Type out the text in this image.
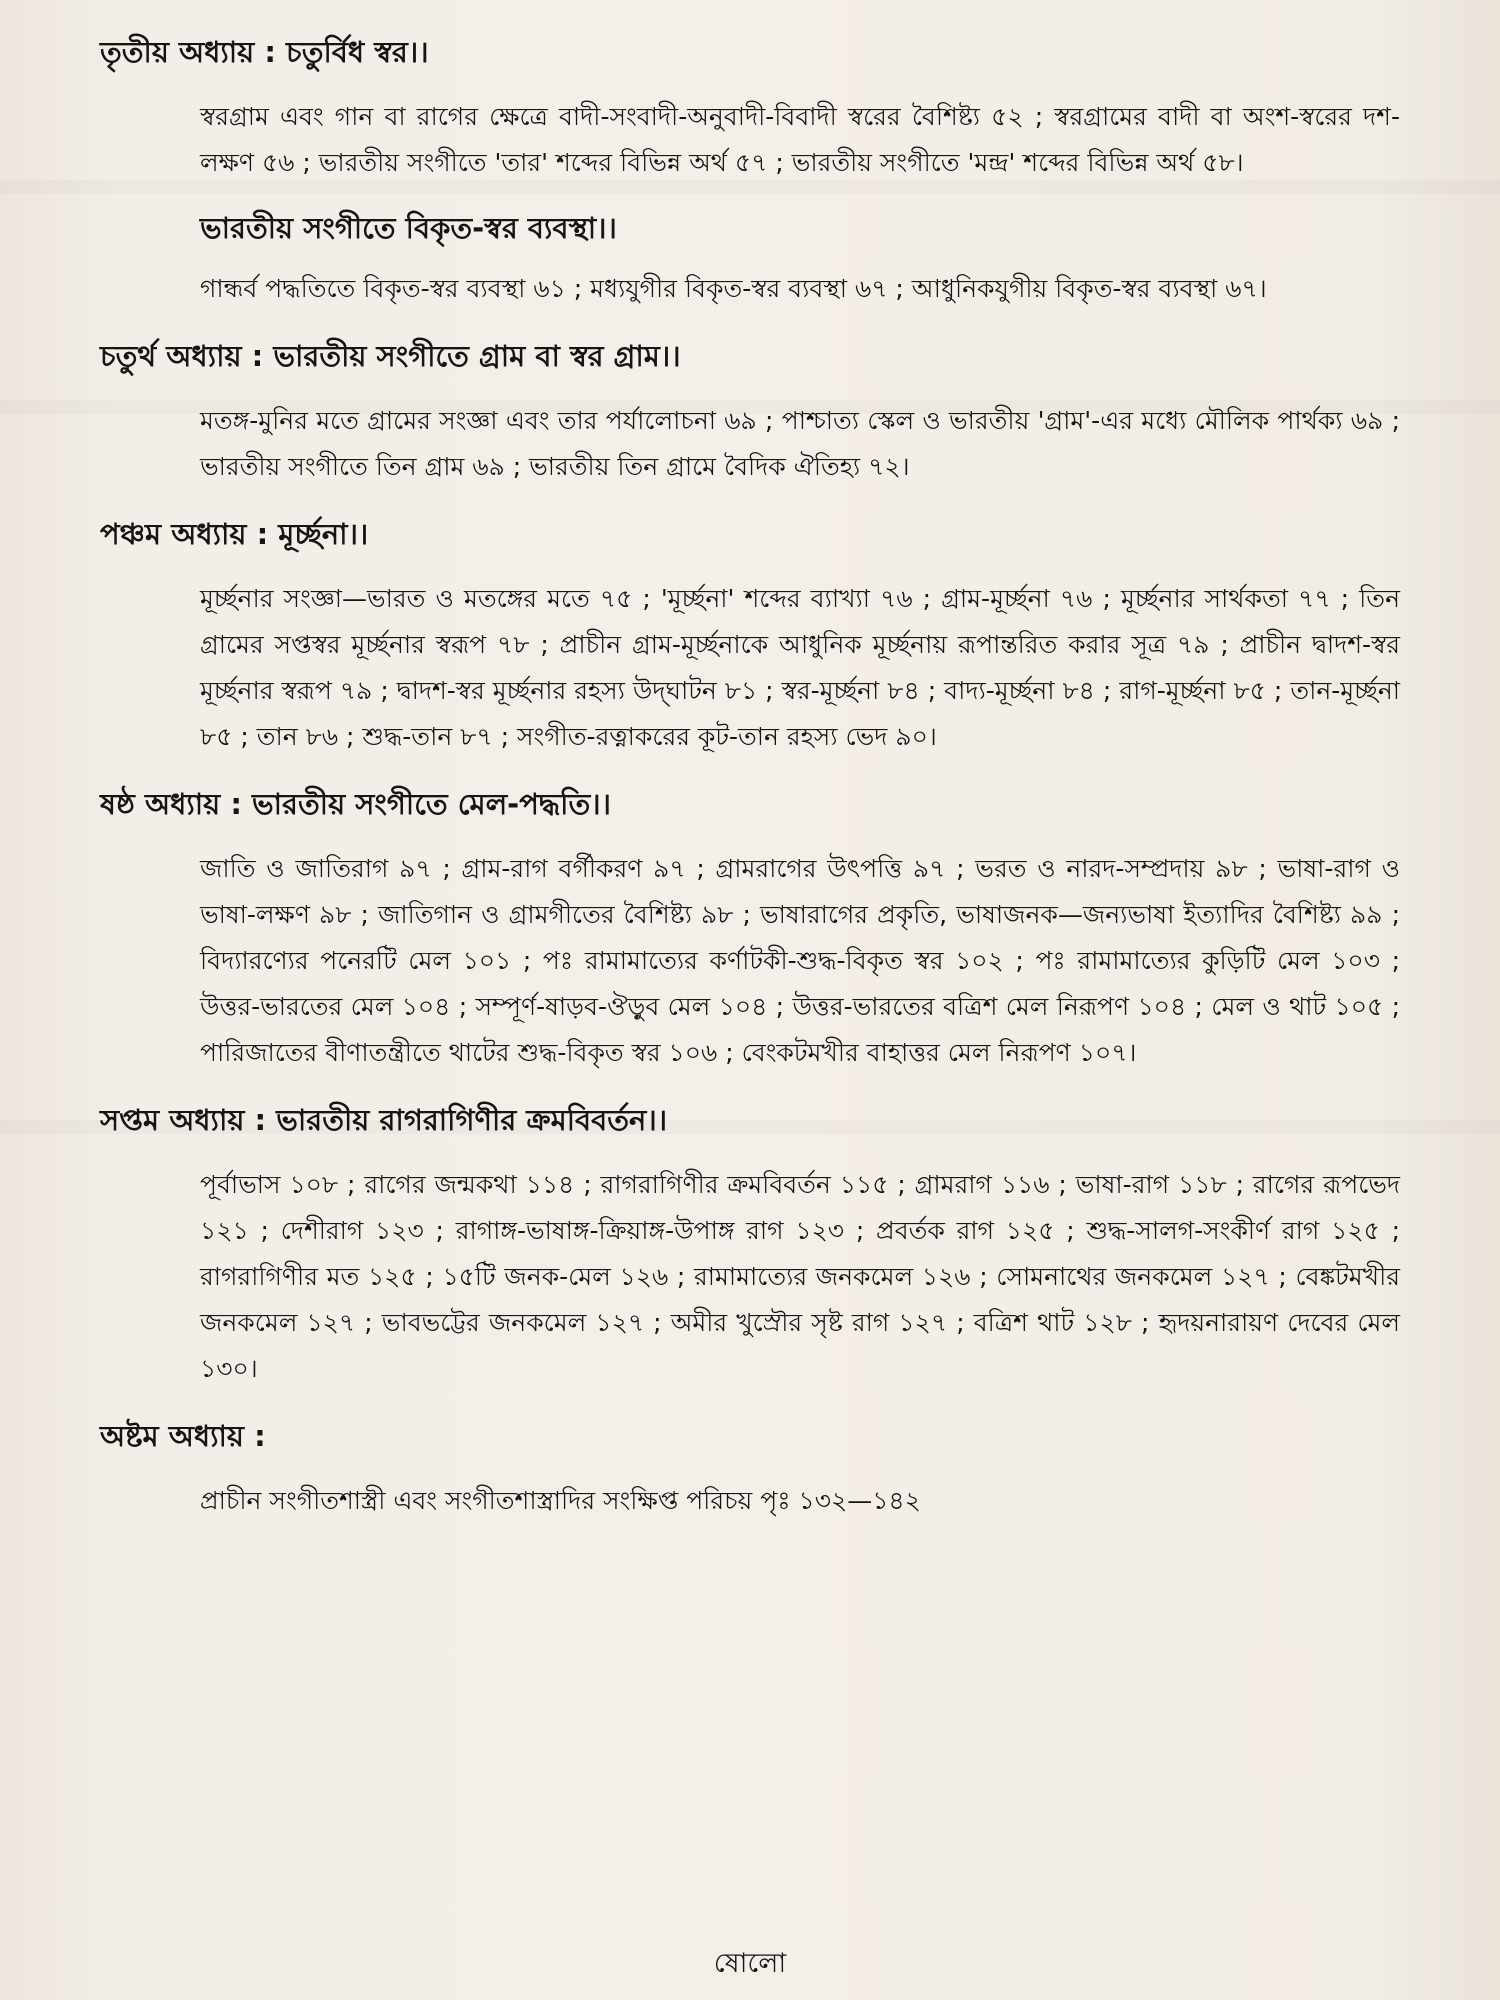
তৃতীয় অধ্যায় : চতুর্বিধ স্বর।।

স্বরগ্রাম এবং গান বা রাগের ক্ষেত্রে বাদী-সংবাদী-অনুবাদী-বিবাদী স্বরের বৈশিষ্ট্য ৫২ ; স্বরগ্রামের বাদী বা অংশ-স্বরের দশ-লক্ষণ ৫৬ ; ভারতীয় সংগীতে 'তার' শব্দের বিভিন্ন অর্থ ৫৭ ; ভারতীয় সংগীতে 'মন্দ্র' শব্দের বিভিন্ন অর্থ ৫৮।

ভারতীয় সংগীতে বিকৃত-স্বর ব্যবস্থা।।

গান্ধর্ব পদ্ধতিতে বিকৃত-স্বর ব্যবস্থা ৬১ ; মধ্যযুগীর বিকৃত-স্বর ব্যবস্থা ৬৭ ; আধুনিকযুগীয় বিকৃত-স্বর ব্যবস্থা ৬৭।

চতুর্থ অধ্যায় : ভারতীয় সংগীতে গ্রাম বা স্বর গ্রাম।।

মতঙ্গ-মুনির মতে গ্রামের সংজ্ঞা এবং তার পর্যালোচনা ৬৯ ; পাশ্চাত্য স্কেল ও ভারতীয় 'গ্রাম'-এর মধ্যে মৌলিক পার্থক্য ৬৯ ; ভারতীয় সংগীতে তিন গ্রাম ৬৯ ; ভারতীয় তিন গ্রামে বৈদিক ঐতিহ্য ৭২।

পঞ্চম অধ্যায় : মূর্চ্ছনা।।

মূর্চ্ছনার সংজ্ঞা—ভারত ও মতঙ্গের মতে ৭৫ ; 'মূর্চ্ছনা' শব্দের ব্যাখ্যা ৭৬ ; গ্রাম-মূর্চ্ছনা ৭৬ ; মূর্চ্ছনার সার্থকতা ৭৭ ; তিন গ্রামের সপ্তস্বর মূর্চ্ছনার স্বরূপ ৭৮ ; প্রাচীন গ্রাম-মূর্চ্ছনাকে আধুনিক মূর্চ্ছনায় রূপান্তরিত করার সূত্র ৭৯ ; প্রাচীন দ্বাদশ-স্বর মূর্চ্ছনার স্বরূপ ৭৯ ; দ্বাদশ-স্বর মূর্চ্ছনার রহস্য উদ্‌ঘাটন ৮১ ; স্বর-মূর্চ্ছনা ৮৪ ; বাদ্য-মূর্চ্ছনা ৮৪ ; রাগ-মূর্চ্ছনা ৮৫ ; তান-মূর্চ্ছনা ৮৫ ; তান ৮৬ ; শুদ্ধ-তান ৮৭ ; সংগীত-রত্নাকরের কূট-তান রহস্য ভেদ ৯০।

ষষ্ঠ অধ্যায় : ভারতীয় সংগীতে মেল-পদ্ধতি।।

জাতি ও জাতিরাগ ৯৭ ; গ্রাম-রাগ বর্গীকরণ ৯৭ ; গ্রামরাগের উৎপত্তি ৯৭ ; ভরত ও নারদ-সম্প্রদায় ৯৮ ; ভাষা-রাগ ও ভাষা-লক্ষণ ৯৮ ; জাতিগান ও গ্রামগীতের বৈশিষ্ট্য ৯৮ ; ভাষারাগের প্রকৃতি, ভাষাজনক—জন্যভাষা ইত্যাদির বৈশিষ্ট্য ৯৯ ; বিদ্যারণ্যের পনেরটি মেল ১০১ ; পঃ রামামাত্যের কর্ণাটকী-শুদ্ধ-বিকৃত স্বর ১০২ ; পঃ রামামাত্যের কুড়িটি মেল ১০৩ ; উত্তর-ভারতের মেল ১০৪ ; সম্পূর্ণ-ষাড়ব-ঔড়ুব মেল ১০৪ ; উত্তর-ভারতের বত্রিশ মেল নিরূপণ ১০৪ ; মেল ও থাট ১০৫ ; পারিজাতের বীণাতন্ত্রীতে থাটের শুদ্ধ-বিকৃত স্বর ১০৬ ; বেংকটমখীর বাহাত্তর মেল নিরূপণ ১০৭।

সপ্তম অধ্যায় : ভারতীয় রাগরাগিণীর ক্রমবিবর্তন।।

পূর্বাভাস ১০৮ ; রাগের জন্মকথা ১১৪ ; রাগরাগিণীর ক্রমবিবর্তন ১১৫ ; গ্রামরাগ ১১৬ ; ভাষা-রাগ ১১৮ ; রাগের রূপভেদ ১২১ ; দেশীরাগ ১২৩ ; রাগাঙ্গ-ভাষাঙ্গ-ক্রিয়াঙ্গ-উপাঙ্গ রাগ ১২৩ ; প্রবর্তক রাগ ১২৫ ; শুদ্ধ-সালগ-সংকীর্ণ রাগ ১২৫ ; রাগরাগিণীর মত ১২৫ ; ১৫টি জনক-মেল ১২৬ ; রামামাত্যের জনকমেল ১২৬ ; সোমনাথের জনকমেল ১২৭ ; বেঙ্কটমখীর জনকমেল ১২৭ ; ভাবভট্টের জনকমেল ১২৭ ; অমীর খুস্রৌর সৃষ্ট রাগ ১২৭ ; বত্রিশ থাট ১২৮ ; হৃদয়নারায়ণ দেবের মেল ১৩০।

অষ্টম অধ্যায় :

প্রাচীন সংগীতশাস্ত্রী এবং সংগীতশাস্ত্রাদির সংক্ষিপ্ত পরিচয় পৃঃ ১৩২—১৪২

ষোলো
